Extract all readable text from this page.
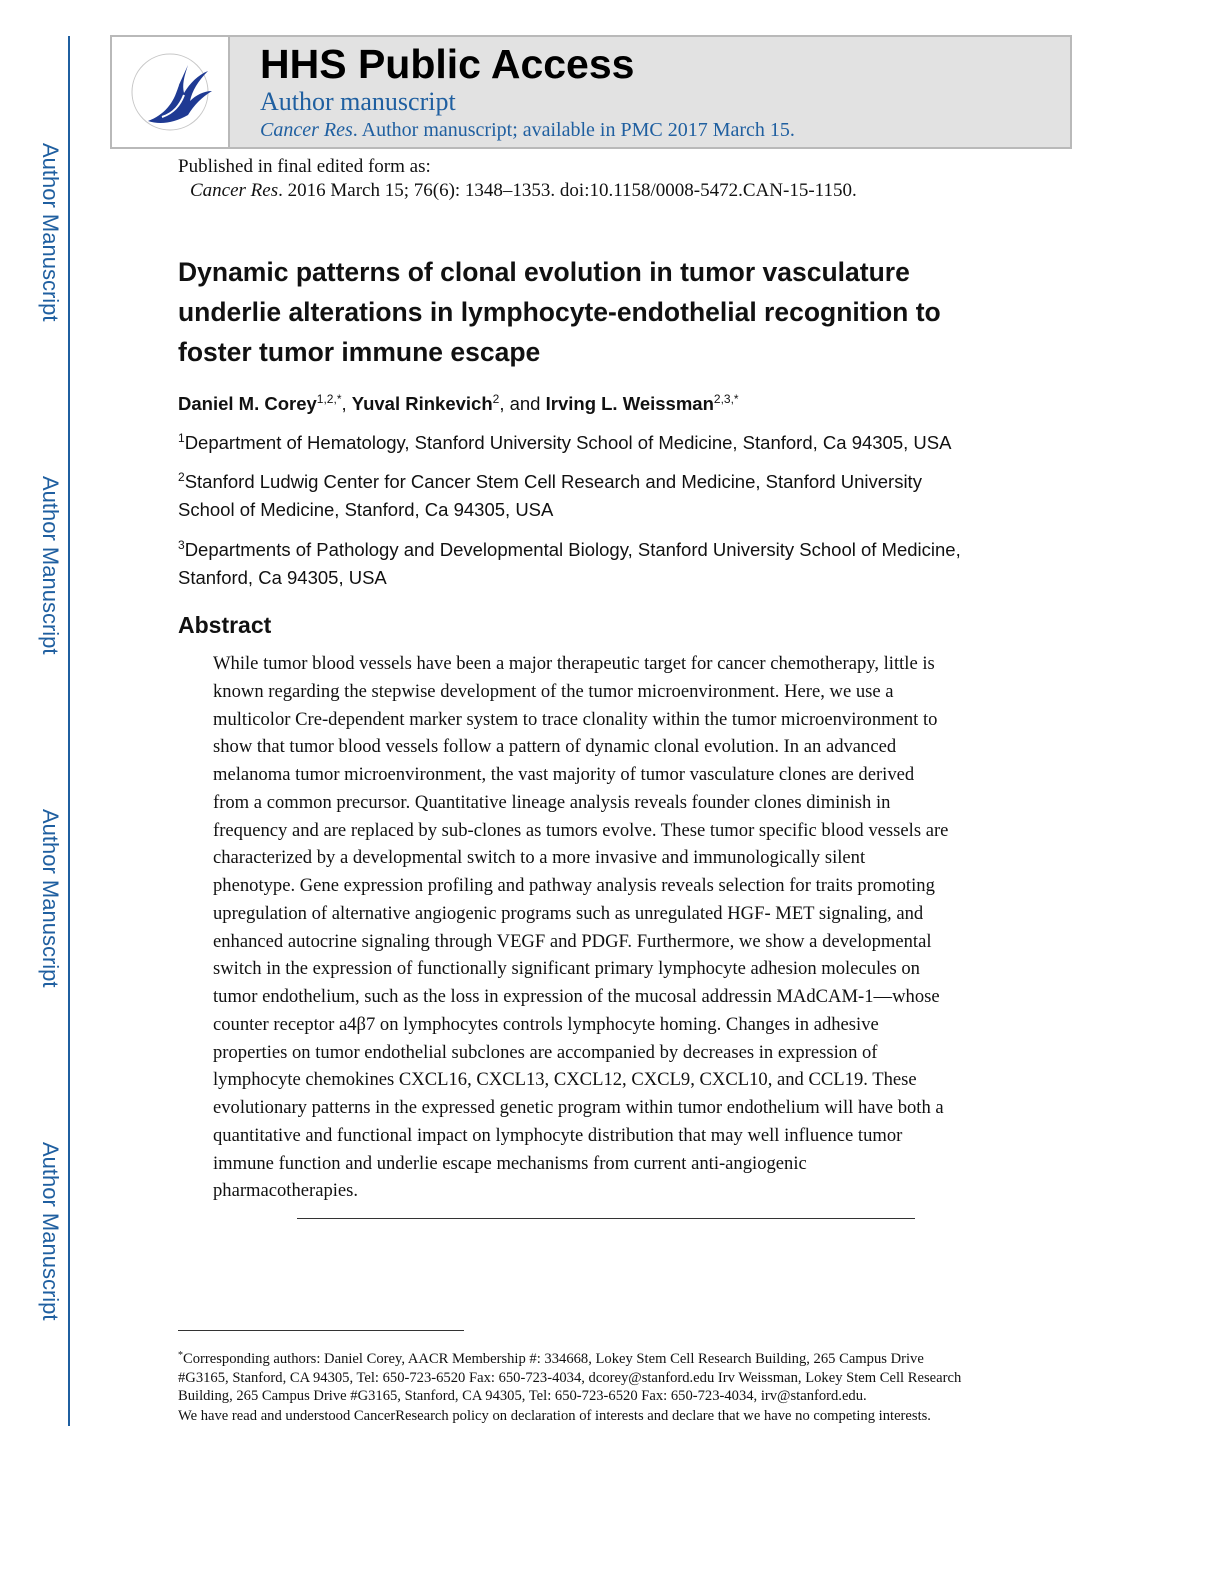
Author Manuscript
Author Manuscript
Author Manuscript
Author Manuscript
HHS Public Access
Author manuscript
Cancer Res. Author manuscript; available in PMC 2017 March 15.
Published in final edited form as:
Cancer Res. 2016 March 15; 76(6): 1348–1353. doi:10.1158/0008-5472.CAN-15-1150.
Dynamic patterns of clonal evolution in tumor vasculature
underlie alterations in lymphocyte-endothelial recognition to
foster tumor immune escape
Daniel M. Corey$^{1,2,*}$, Yuval Rinkevich$^2$, and Irving L. Weissman$^{2,3,*}$
$^1$Department of Hematology, Stanford University School of Medicine, Stanford, Ca 94305, USA
$^2$Stanford Ludwig Center for Cancer Stem Cell Research and Medicine, Stanford University
School of Medicine, Stanford, Ca 94305, USA
$^3$Departments of Pathology and Developmental Biology, Stanford University School of Medicine,
Stanford, Ca 94305, USA
Abstract
While tumor blood vessels have been a major therapeutic target for cancer chemotherapy, little is
known regarding the stepwise development of the tumor microenvironment. Here, we use a
multicolor Cre-dependent marker system to trace clonality within the tumor microenvironment to
show that tumor blood vessels follow a pattern of dynamic clonal evolution. In an advanced
melanoma tumor microenvironment, the vast majority of tumor vasculature clones are derived
from a common precursor. Quantitative lineage analysis reveals founder clones diminish in
frequency and are replaced by sub-clones as tumors evolve. These tumor specific blood vessels are
characterized by a developmental switch to a more invasive and immunologically silent
phenotype. Gene expression profiling and pathway analysis reveals selection for traits promoting
upregulation of alternative angiogenic programs such as unregulated HGF- MET signaling, and
enhanced autocrine signaling through VEGF and PDGF. Furthermore, we show a developmental
switch in the expression of functionally significant primary lymphocyte adhesion molecules on
tumor endothelium, such as the loss in expression of the mucosal addressin MAdCAM-1—whose
counter receptor a4β7 on lymphocytes controls lymphocyte homing. Changes in adhesive
properties on tumor endothelial subclones are accompanied by decreases in expression of
lymphocyte chemokines CXCL16, CXCL13, CXCL12, CXCL9, CXCL10, and CCL19. These
evolutionary patterns in the expressed genetic program within tumor endothelium will have both a
quantitative and functional impact on lymphocyte distribution that may well influence tumor
immune function and underlie escape mechanisms from current anti-angiogenic
pharmacotherapies.
*Corresponding authors: Daniel Corey, AACR Membership #: 334668, Lokey Stem Cell Research Building, 265 Campus Drive
#G3165, Stanford, CA 94305, Tel: 650-723-6520 Fax: 650-723-4034, dcorey@stanford.edu Irv Weissman, Lokey Stem Cell Research
Building, 265 Campus Drive #G3165, Stanford, CA 94305, Tel: 650-723-6520 Fax: 650-723-4034, irv@stanford.edu.
We have read and understood CancerResearch policy on declaration of interests and declare that we have no competing interests.
